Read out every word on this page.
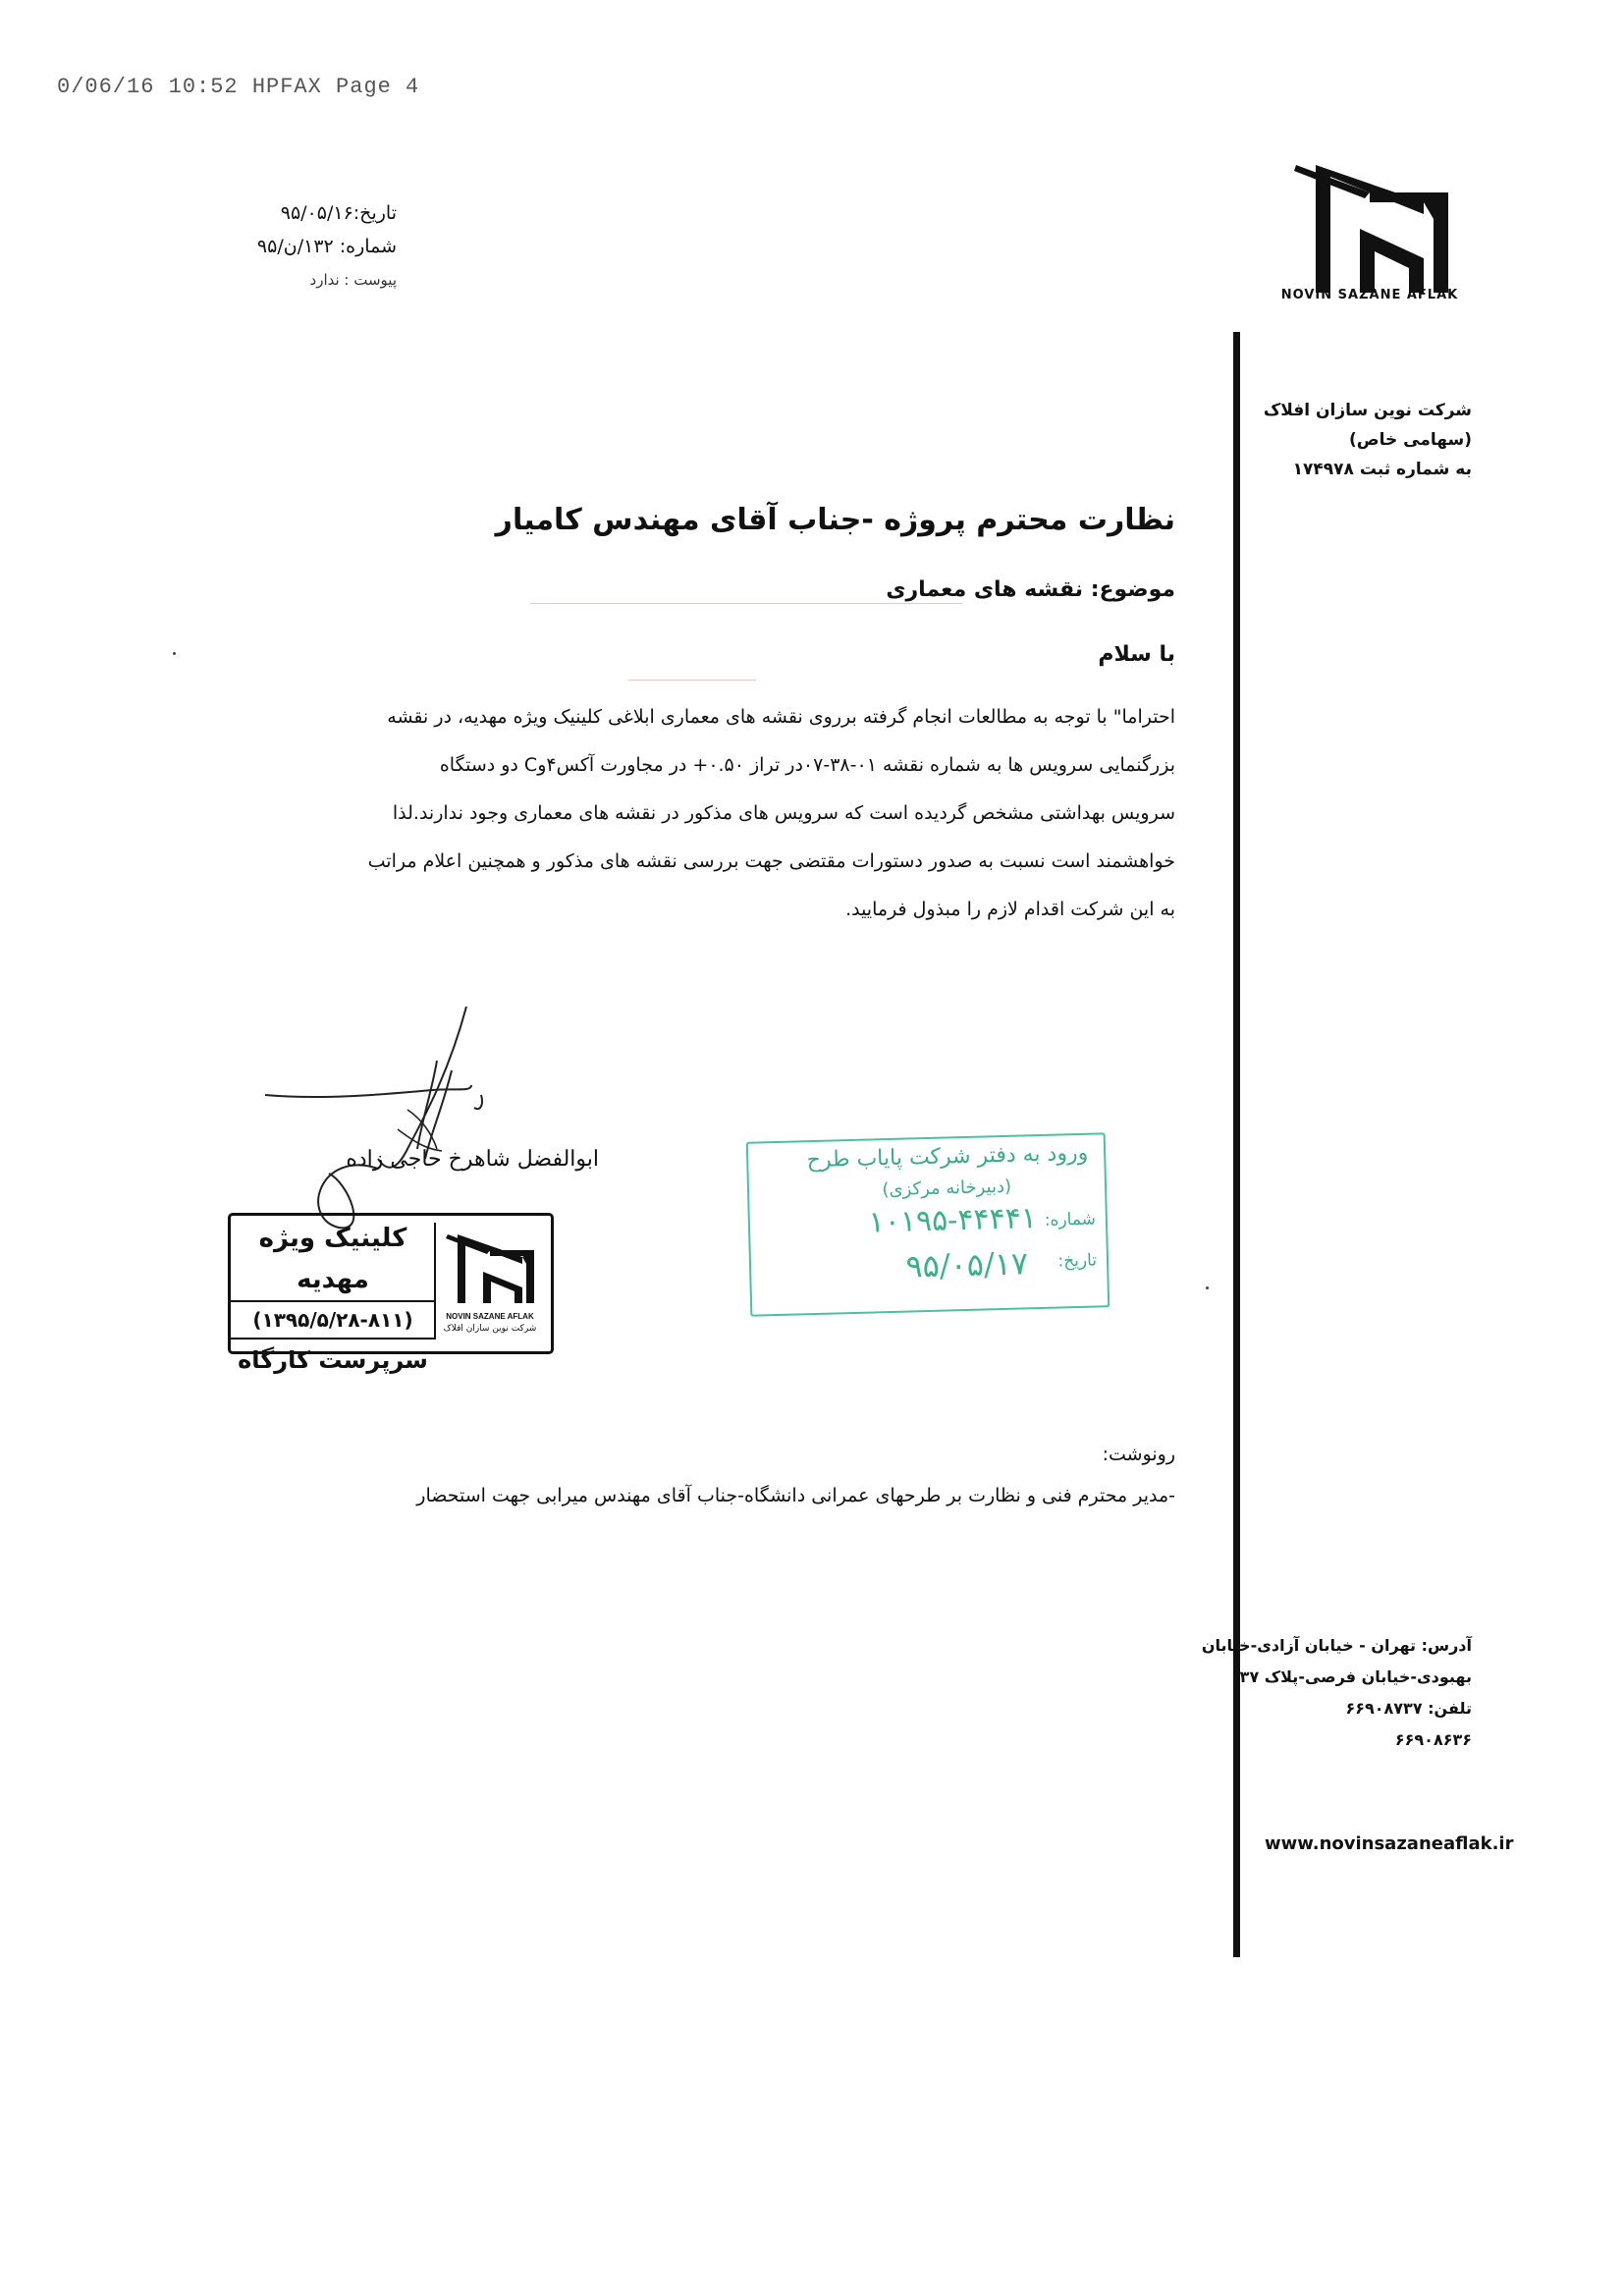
0/06/16 10:52 HPFAX Page 4
تاریخ:۹۵/۰۵/۱۶
شماره: ۱۳۲/ن/۹۵
پیوست : ندارد
NOVIN SAZANE AFLAK
شرکت نوین سازان افلاک
(سهامی خاص)
به شماره ثبت ۱۷۴۹۷۸
نظارت محترم پروژه -جناب آقای مهندس کامیار
موضوع: نقشه های معماری
با سلام

احتراما" با توجه به مطالعات انجام گرفته برروی نقشه های معماری ابلاغی کلینیک ویژه مهدیه، در نقشه

بزرگنمایی سرویس ها به شماره نقشه ۰۱-۳۸-۰۷در تراز ۰.۵۰+ در مجاورت آکس۴وC دو دستگاه

سرویس بهداشتی مشخص گردیده است که سرویس های مذکور در نقشه های معماری وجود ندارند.لذا

خواهشمند است نسبت به صدور دستورات مقتضی جهت بررسی نقشه های مذکور و همچنین اعلام مراتب

به این شرکت اقدام لازم را مبذول فرمایید.

ابوالفضل شاهرخ حاجی زاده
کلینیک ویژه مهدیه
(۱۳۹۵/۵/۲۸-۸۱۱)
سرپرست کارگاه
NOVIN SAZANE AFLAK
شرکت نوین سازان افلاک
ورود به دفتر شرکت پایاب طرح
(دبیرخانه مرکزی)
شماره:
۱۰۱۹۵-۴۴۴۴۱
تاریخ:
۹۵/۰۵/۱۷
رونوشت:
-مدیر محترم فنی و نظارت بر طرحهای عمرانی دانشگاه-جناب آقای مهندس میرابی جهت استحضار
آدرس: تهران - خیابان آزادی-خیابان
بهبودی-خیابان فرصی-پلاک ۳۷
تلفن: ۶۶۹۰۸۷۳۷
۶۶۹۰۸۶۳۶
www.novinsazaneaflak.ir
